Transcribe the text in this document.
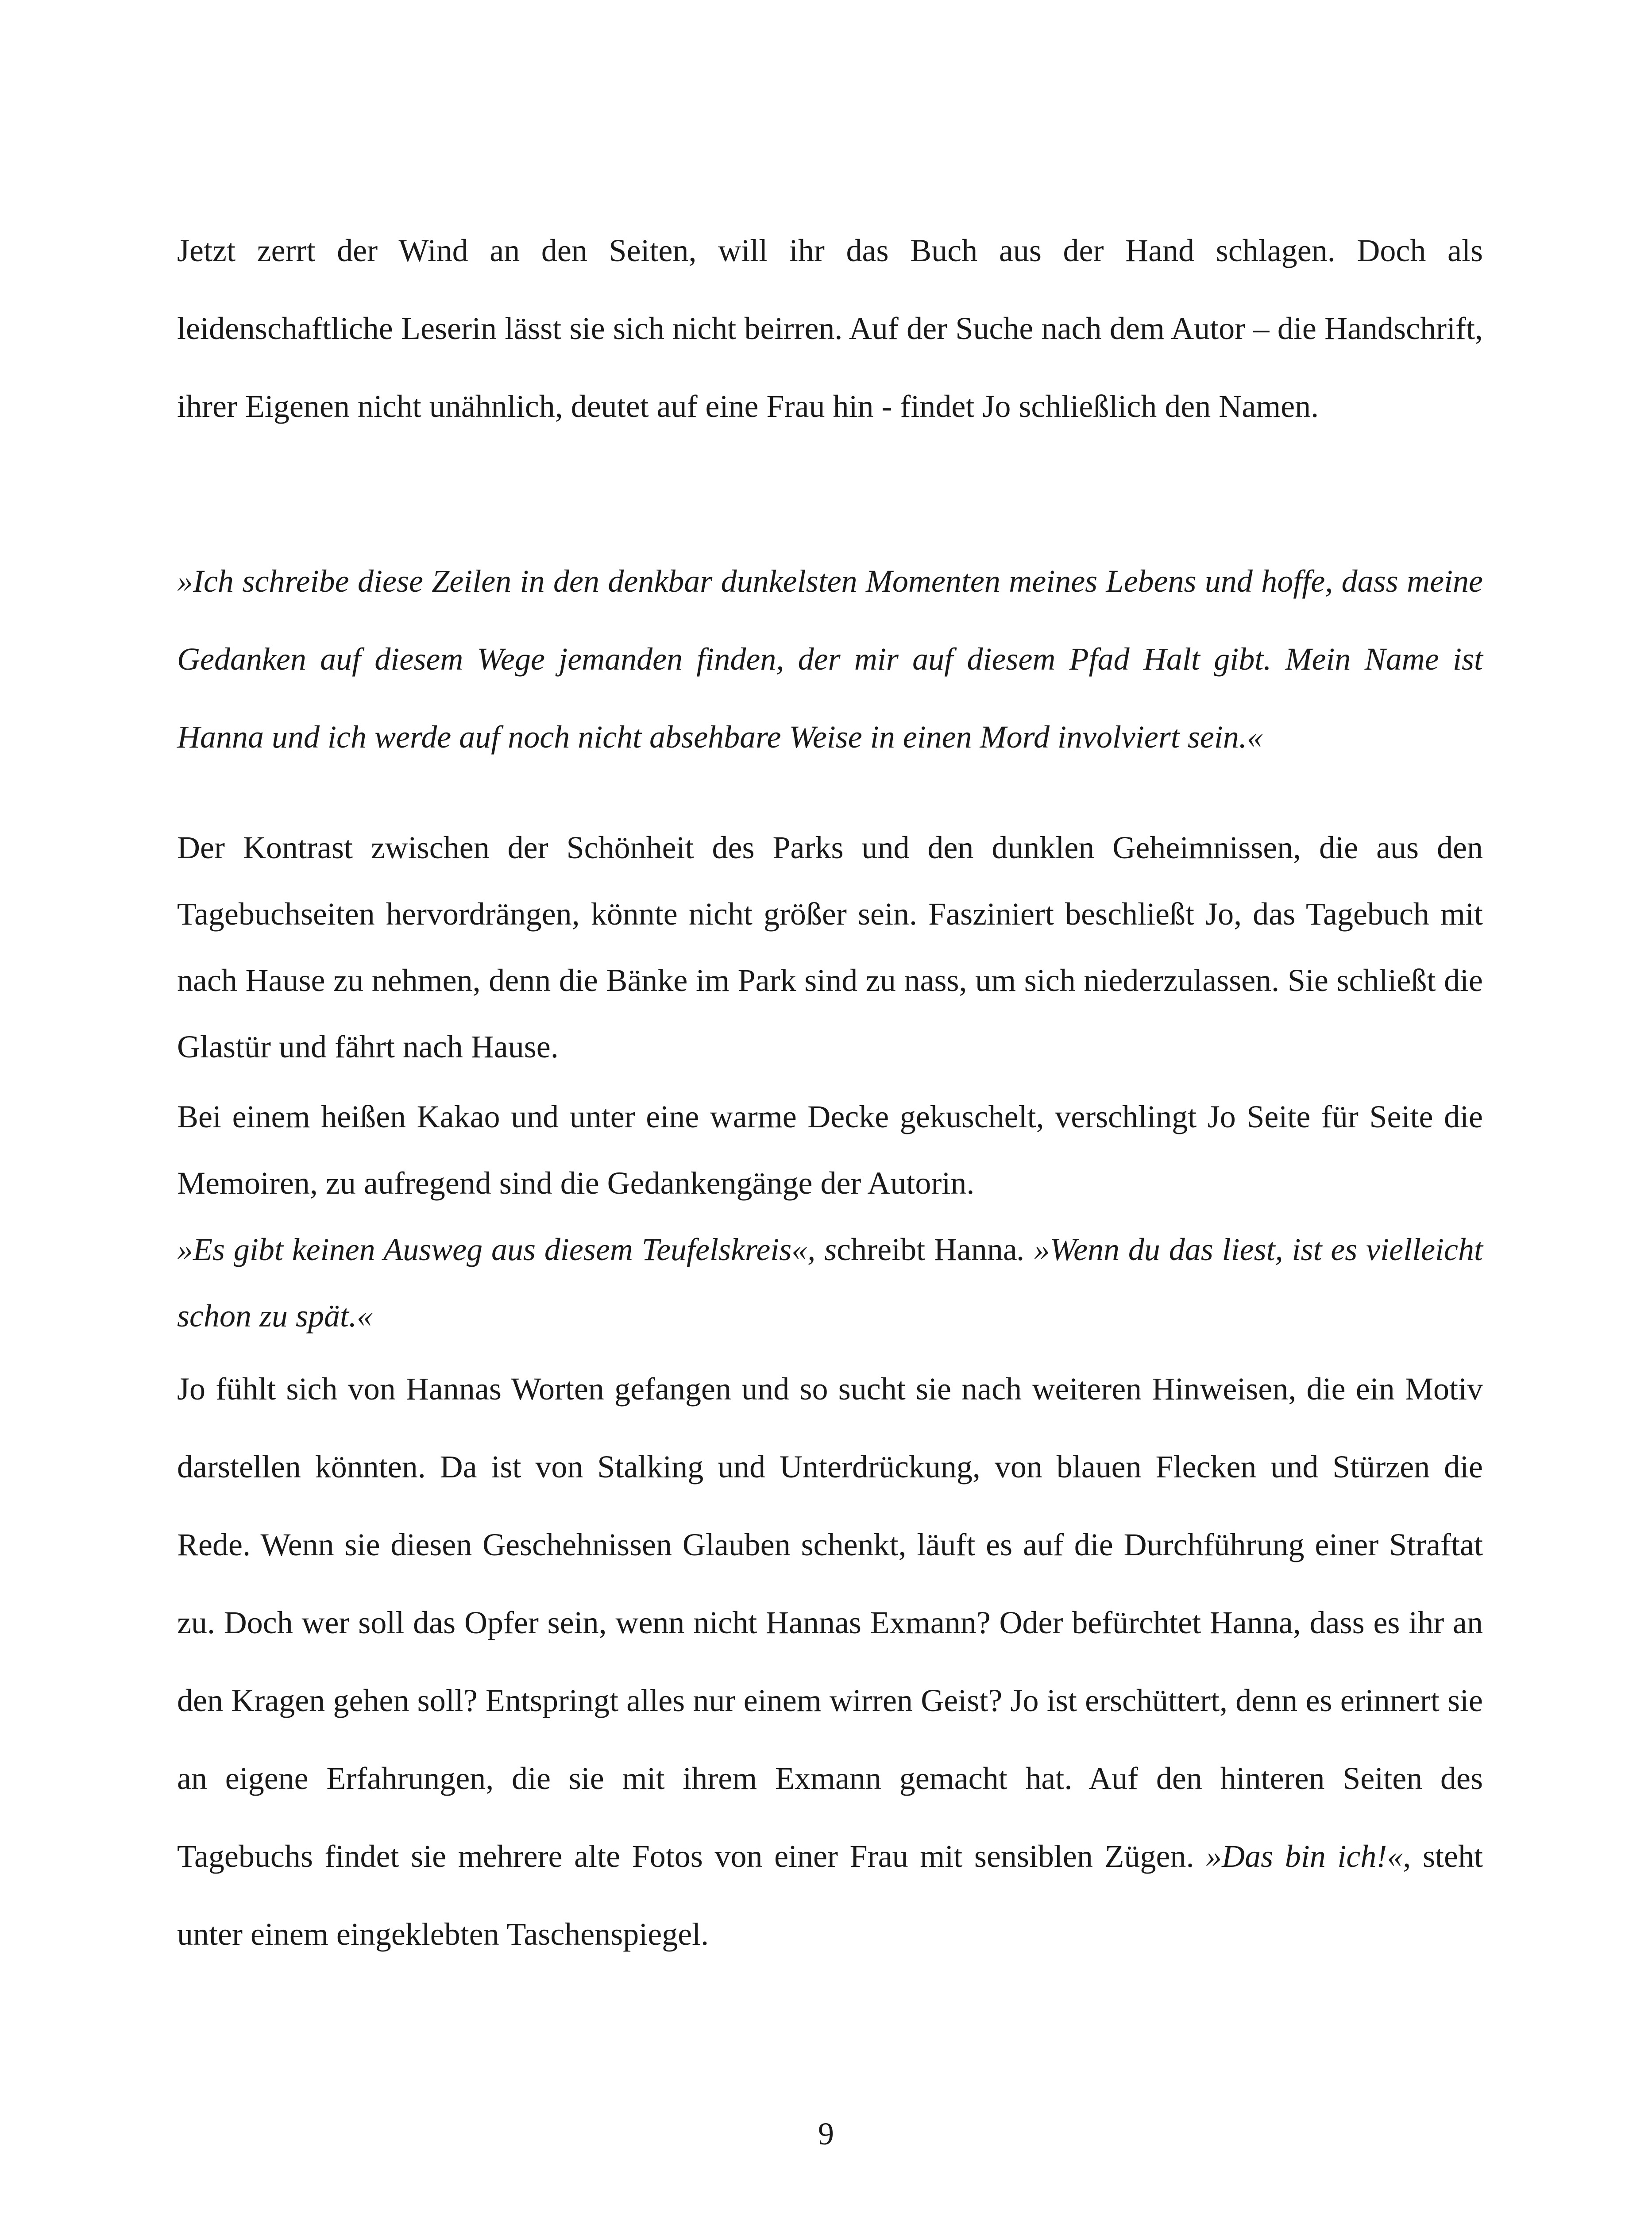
Jetzt zerrt der Wind an den Seiten, will ihr das Buch aus der Hand schlagen. Doch als leidenschaftliche Leserin lässt sie sich nicht beirren. Auf der Suche nach dem Autor – die Handschrift, ihrer Eigenen nicht unähnlich, deutet auf eine Frau hin - findet Jo schließlich den Namen.

»Ich schreibe diese Zeilen in den denkbar dunkelsten Momenten meines Lebens und hoffe, dass meine Gedanken auf diesem Wege jemanden finden, der mir auf diesem Pfad Halt gibt. Mein Name ist Hanna und ich werde auf noch nicht absehbare Weise in einen Mord involviert sein.«

Der Kontrast zwischen der Schönheit des Parks und den dunklen Geheimnissen, die aus den Tagebuchseiten hervordrängen, könnte nicht größer sein. Fasziniert beschließt Jo, das Tagebuch mit nach Hause zu nehmen, denn die Bänke im Park sind zu nass, um sich niederzulassen. Sie schließt die Glastür und fährt nach Hause.

Bei einem heißen Kakao und unter eine warme Decke gekuschelt, verschlingt Jo Seite für Seite die Memoiren, zu aufregend sind die Gedankengänge der Autorin.

»Es gibt keinen Ausweg aus diesem Teufelskreis«, schreibt Hanna. »Wenn du das liest, ist es vielleicht schon zu spät.«

Jo fühlt sich von Hannas Worten gefangen und so sucht sie nach weiteren Hinweisen, die ein Motiv darstellen könnten. Da ist von Stalking und Unterdrückung, von blauen Flecken und Stürzen die Rede. Wenn sie diesen Geschehnissen Glauben schenkt, läuft es auf die Durchführung einer Straftat zu. Doch wer soll das Opfer sein, wenn nicht Hannas Exmann? Oder befürchtet Hanna, dass es ihr an den Kragen gehen soll? Entspringt alles nur einem wirren Geist? Jo ist erschüttert, denn es erinnert sie an eigene Erfahrungen, die sie mit ihrem Exmann gemacht hat. Auf den hinteren Seiten des Tagebuchs findet sie mehrere alte Fotos von einer Frau mit sensiblen Zügen. »Das bin ich!«, steht unter einem eingeklebten Taschenspiegel.

9
